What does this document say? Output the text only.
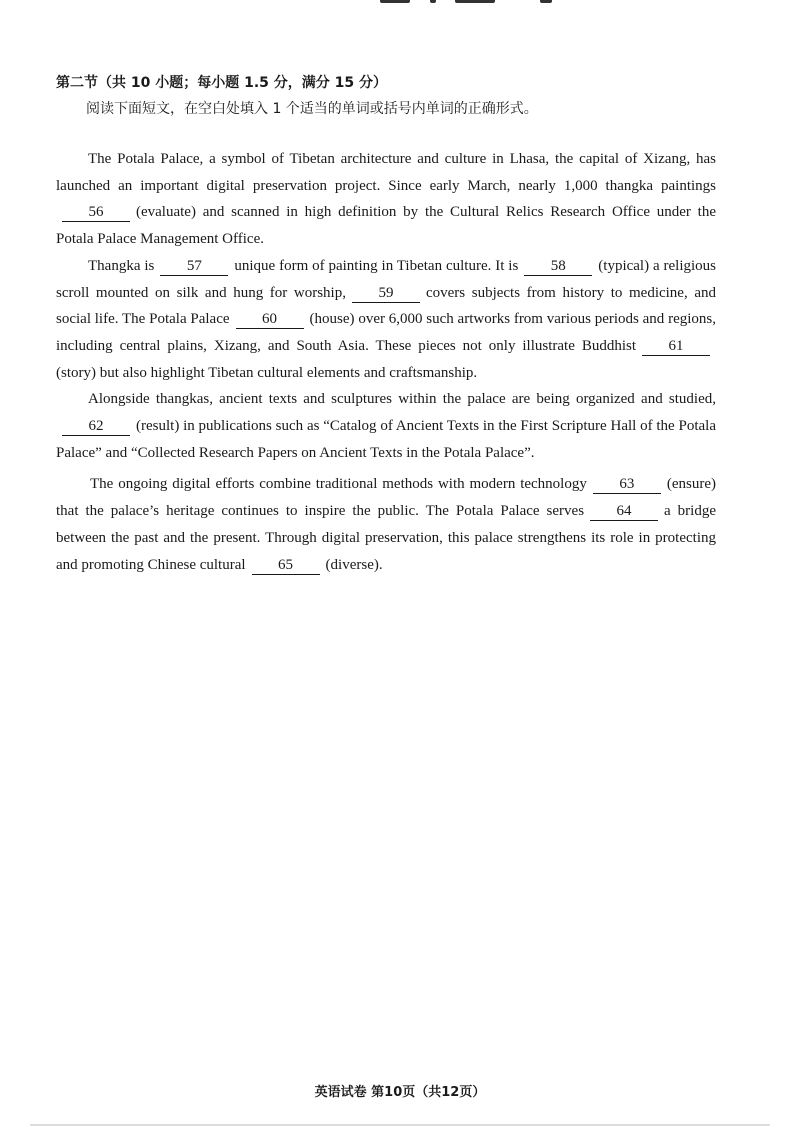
第二节（共 10 小题；每小题 1.5 分，满分 15 分）
阅读下面短文，在空白处填入 1 个适当的单词或括号内单词的正确形式。

The Potala Palace, a symbol of Tibetan architecture and culture in Lhasa, the capital of Xizang, has launched an important digital preservation project. Since early March, nearly 1,000 thangka paintings56 (evaluate) and scanned in high definition by the Cultural Relics Research Office under the Potala Palace Management Office.

Thangka is 57 unique form of painting in Tibetan culture. It is 58 (typical) a religious scroll mounted on silk and hung for worship, 59 covers subjects from history to medicine, and social life. The Potala Palace 60 (house) over 6,000 such artworks from various periods and regions, including central plains, Xizang, and South Asia. These pieces not only illustrate Buddhist 61(story) but also highlight Tibetan cultural elements and craftsmanship.

Alongside thangkas, ancient texts and sculptures within the palace are being organized and studied,62 (result) in publications such as “Catalog of Ancient Texts in the First Scripture Hall of the Potala Palace” and “Collected Research Papers on Ancient Texts in the Potala Palace”.

The ongoing digital efforts combine traditional methods with modern technology 63 (ensure) that the palace’s heritage continues to inspire the public. The Potala Palace serves 64 a bridge between the past and the present. Through digital preservation, this palace strengthens its role in protecting and promoting Chinese cultural 65 (diverse).

英语试卷 第10页（共12页）
